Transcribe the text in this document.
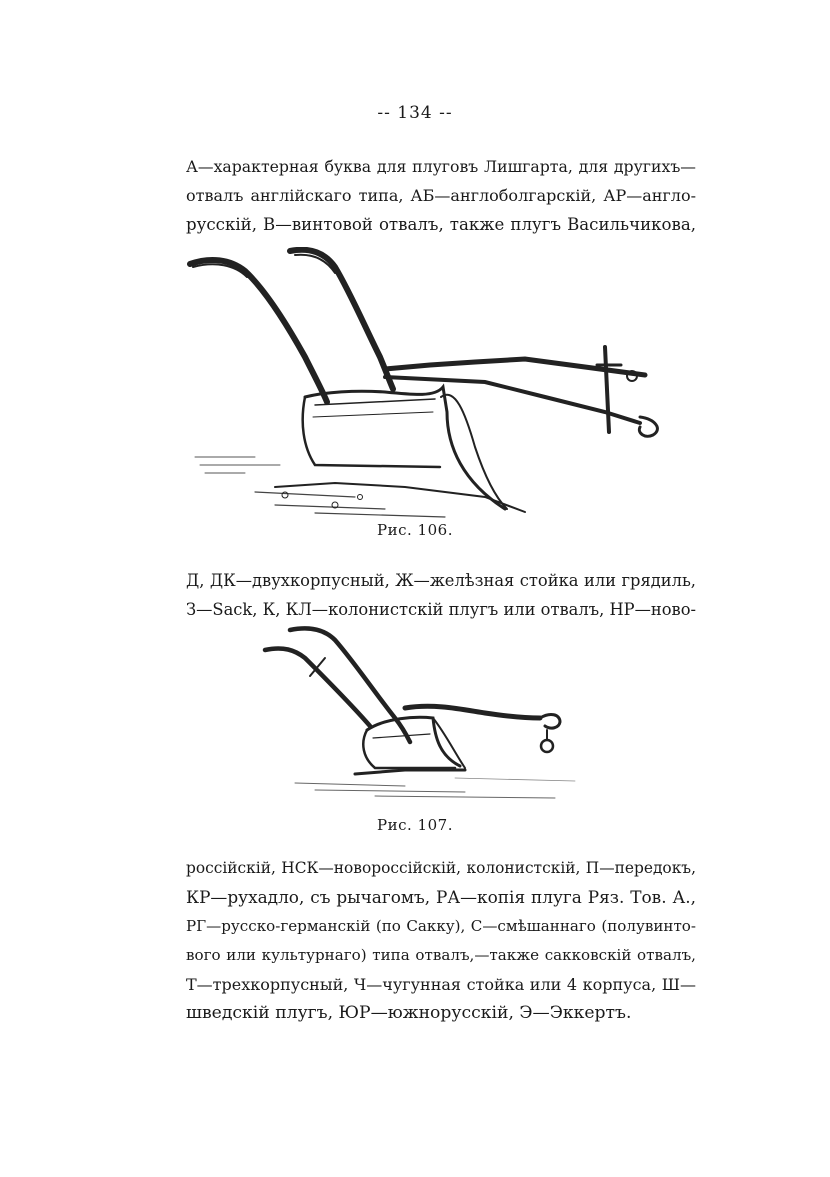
-- 134 --

А—характерная буква для плуговъ Лишгарта, для другихъ—
отвалъ англійскаго типа, АБ—англоболгарскій, АР—англо-
русскій, В—винтовой отвалъ, также плугъ Васильчикова,

Рис. 106.

Д, ДК—двухкорпусный, Ж—желѣзная стойка или грядиль,
З—Sack, К, КЛ—колонистскій плугъ или отвалъ, НР—ново-

Рис. 107.

россійскій, НСК—новороссійскій, колонистскій, П—передокъ,
КР—рухадло, съ рычагомъ, РА—копія плуга Ряз. Тов. А.,
РГ—русско-германскій (по Сакку), С—смѣшаннаго (полувинто-
вого или культурнаго) типа отвалъ,—также сакковскій отвалъ,
Т—трехкорпусный, Ч—чугунная стойка или 4 корпуса, Ш—
шведскій плугъ, ЮР—южнорусскій, Э—Эккертъ.
